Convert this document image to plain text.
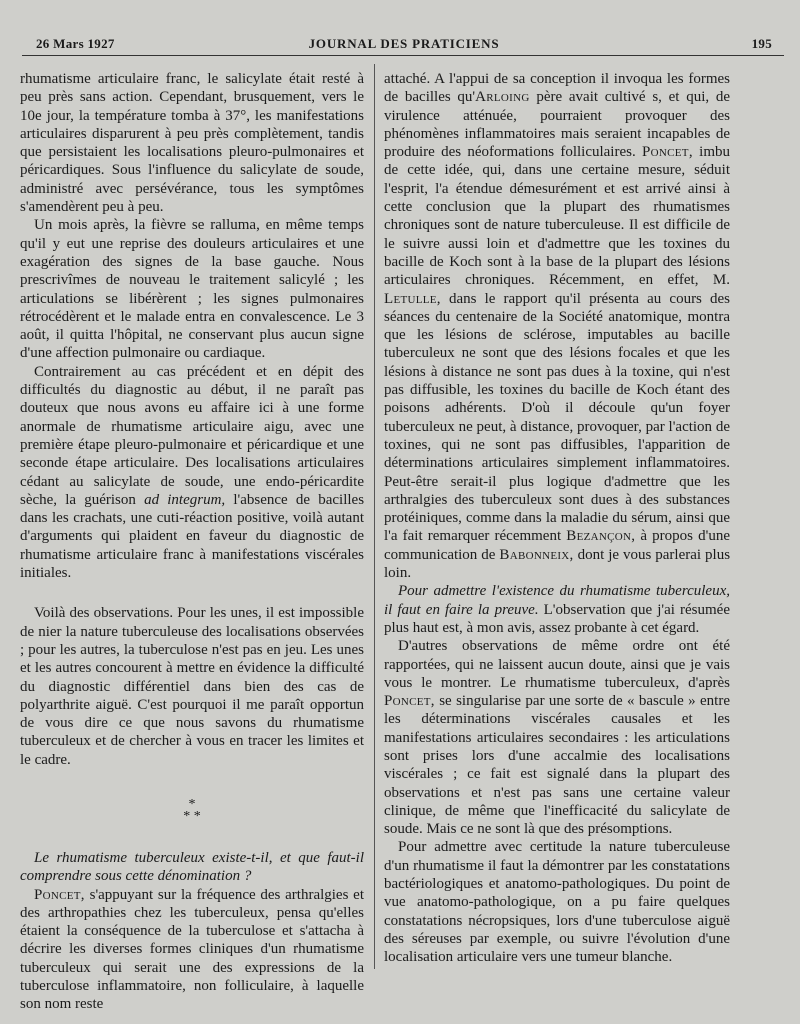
26 Mars 1927	JOURNAL DES PRATICIENS	195

rhumatisme articulaire franc, le salicylate était resté à peu près sans action. Cependant, brusquement, vers le 10e jour, la température tomba à 37°, les manifestations articulaires disparurent à peu près complètement, tandis que persistaient les localisations pleuro-pulmonaires et péricardiques. Sous l'influence du salicylate de soude, administré avec persévérance, tous les symptômes s'amendèrent peu à peu.

Un mois après, la fièvre se ralluma, en même temps qu'il y eut une reprise des douleurs articulaires et une exagération des signes de la base gauche. Nous prescrivîmes de nouveau le traitement salicylé ; les articulations se libérèrent ; les signes pulmonaires rétrocédèrent et le malade entra en convalescence. Le 3 août, il quitta l'hôpital, ne conservant plus aucun signe d'une affection pulmonaire ou cardiaque.

Contrairement au cas précédent et en dépit des difficultés du diagnostic au début, il ne paraît pas douteux que nous avons eu affaire ici à une forme anormale de rhumatisme articulaire aigu, avec une première étape pleuro-pulmonaire et péricardique et une seconde étape articulaire. Des localisations articulaires cédant au salicylate de soude, une endo-péricardite sèche, la guérison ad integrum, l'absence de bacilles dans les crachats, une cuti-réaction positive, voilà autant d'arguments qui plaident en faveur du diagnostic de rhumatisme articulaire franc à manifestations viscérales initiales.

Voilà des observations. Pour les unes, il est impossible de nier la nature tuberculeuse des localisations observées ; pour les autres, la tuberculose n'est pas en jeu. Les unes et les autres concourent à mettre en évidence la difficulté du diagnostic différentiel dans bien des cas de polyarthrite aiguë. C'est pourquoi il me paraît opportun de vous dire ce que nous savons du rhumatisme tuberculeux et de chercher à vous en tracer les limites et le cadre.

*
* *

Le rhumatisme tuberculeux existe-t-il, et que faut-il comprendre sous cette dénomination ?

Poncet, s'appuyant sur la fréquence des arthralgies et des arthropathies chez les tuberculeux, pensa qu'elles étaient la conséquence de la tuberculose et s'attacha à décrire les diverses formes cliniques d'un rhumatisme tuberculeux qui serait une des expressions de la tuberculose inflammatoire, non folliculaire, à laquelle son nom reste

attaché. A l'appui de sa conception il invoqua les formes de bacilles qu'Arloing père avait cultivé s, et qui, de virulence atténuée, pourraient provoquer des phénomènes inflammatoires mais seraient incapables de produire des néoformations folliculaires. Poncet, imbu de cette idée, qui, dans une certaine mesure, séduit l'esprit, l'a étendue démesurément et est arrivé ainsi à cette conclusion que la plupart des rhumatismes chroniques sont de nature tuberculeuse. Il est difficile de le suivre aussi loin et d'admettre que les toxines du bacille de Koch sont à la base de la plupart des lésions articulaires chroniques. Récemment, en effet, M. Letulle, dans le rapport qu'il présenta au cours des séances du centenaire de la Société anatomique, montra que les lésions de sclérose, imputables au bacille tuberculeux ne sont que des lésions focales et que les lésions à distance ne sont pas dues à la toxine, qui n'est pas diffusible, les toxines du bacille de Koch étant des poisons adhérents. D'où il découle qu'un foyer tuberculeux ne peut, à distance, provoquer, par l'action de toxines, qui ne sont pas diffusibles, l'apparition de déterminations articulaires simplement inflammatoires. Peut-être serait-il plus logique d'admettre que les arthralgies des tuberculeux sont dues à des substances protéiniques, comme dans la maladie du sérum, ainsi que l'a fait remarquer récemment Bezançon, à propos d'une communication de Babonneix, dont je vous parlerai plus loin.

Pour admettre l'existence du rhumatisme tuberculeux, il faut en faire la preuve. L'observation que j'ai résumée plus haut est, à mon avis, assez probante à cet égard.

D'autres observations de même ordre ont été rapportées, qui ne laissent aucun doute, ainsi que je vais vous le montrer. Le rhumatisme tuberculeux, d'après Poncet, se singularise par une sorte de « bascule » entre les déterminations viscérales causales et les manifestations articulaires secondaires : les articulations sont prises lors d'une accalmie des localisations viscérales ; ce fait est signalé dans la plupart des observations et n'est pas sans une certaine valeur clinique, de même que l'inefficacité du salicylate de soude. Mais ce ne sont là que des présomptions.

Pour admettre avec certitude la nature tuberculeuse d'un rhumatisme il faut la démontrer par les constatations bactériologiques et anatomo-pathologiques. Du point de vue anatomo-pathologique, on a pu faire quelques constatations nécropsiques, lors d'une tuberculose aiguë des séreuses par exemple, ou suivre l'évolution d'une localisation articulaire vers une tumeur blanche.
